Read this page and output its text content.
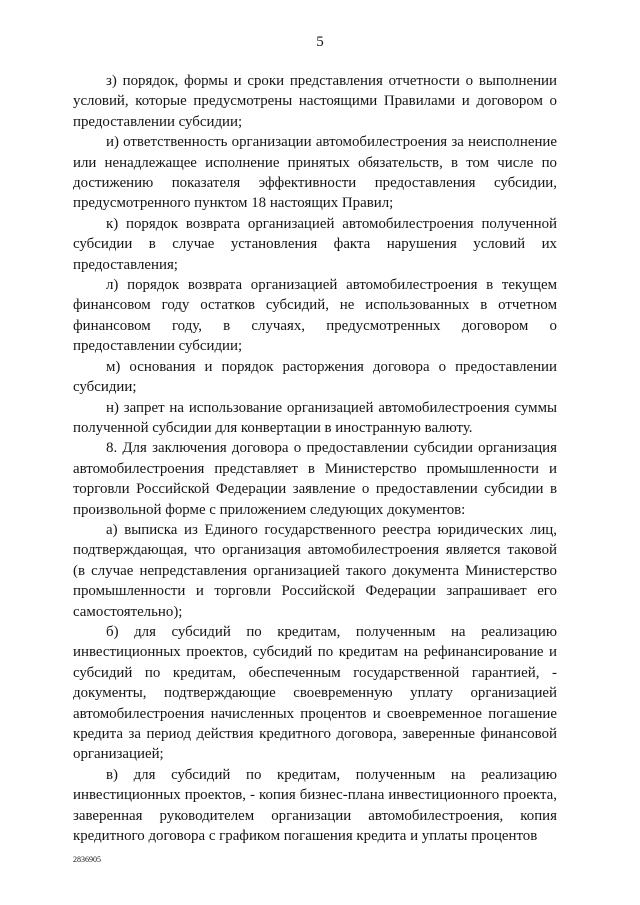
5

з) порядок, формы и сроки представления отчетности о выполнении условий, которые предусмотрены настоящими Правилами и договором о предоставлении субсидии;

и) ответственность организации автомобилестроения за неисполнение или ненадлежащее исполнение принятых обязательств, в том числе по достижению показателя эффективности предоставления субсидии, предусмотренного пунктом 18 настоящих Правил;

к) порядок возврата организацией автомобилестроения полученной субсидии в случае установления факта нарушения условий их предоставления;

л) порядок возврата организацией автомобилестроения в текущем финансовом году остатков субсидий, не использованных в отчетном финансовом году, в случаях, предусмотренных договором о предоставлении субсидии;

м) основания и порядок расторжения договора о предоставлении субсидии;

н) запрет на использование организацией автомобилестроения суммы полученной субсидии для конвертации в иностранную валюту.

8. Для заключения договора о предоставлении субсидии организация автомобилестроения представляет в Министерство промышленности и торговли Российской Федерации заявление о предоставлении субсидии в произвольной форме с приложением следующих документов:

а) выписка из Единого государственного реестра юридических лиц, подтверждающая, что организация автомобилестроения является таковой (в случае непредставления организацией такого документа Министерство промышленности и торговли Российской Федерации запрашивает его самостоятельно);

б) для субсидий по кредитам, полученным на реализацию инвестиционных проектов, субсидий по кредитам на рефинансирование и субсидий по кредитам, обеспеченным государственной гарантией, - документы, подтверждающие своевременную уплату организацией автомобилестроения начисленных процентов и своевременное погашение кредита за период действия кредитного договора, заверенные финансовой организацией;

в) для субсидий по кредитам, полученным на реализацию инвестиционных проектов, - копия бизнес-плана инвестиционного проекта, заверенная руководителем организации автомобилестроения, копия кредитного договора с графиком погашения кредита и уплаты процентов

2836905
